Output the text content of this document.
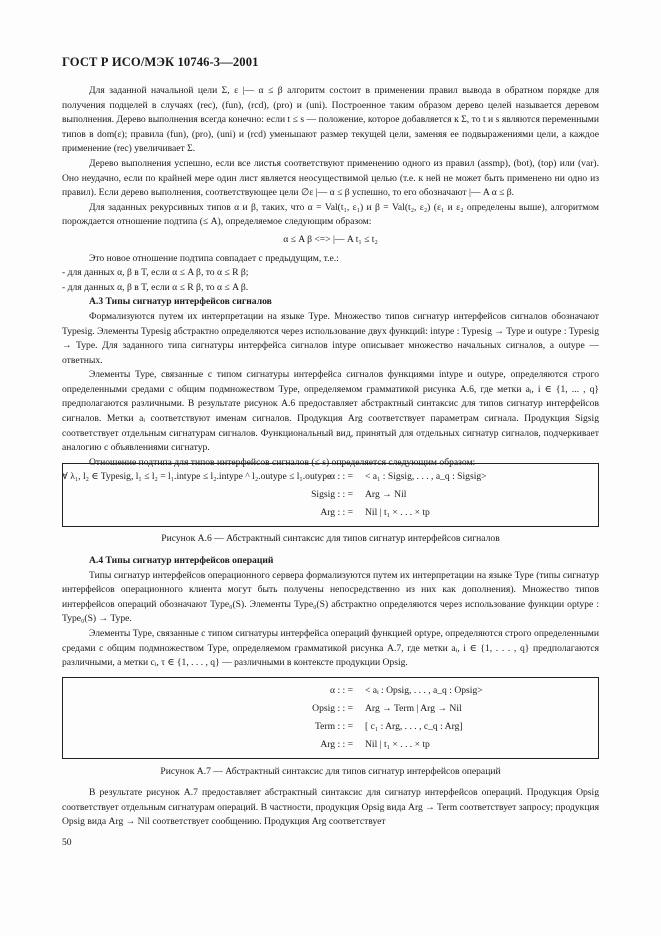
ГОСТ Р ИСО/МЭК 10746-3—2001

Для заданной начальной цели Σ, ε |— α ≤ β алгоритм состоит в применении правил вывода в обратном порядке для получения подцелей в случаях (rec), (fun), (rcd), (pro) и (uni). Построенное таким образом дерево целей называется деревом выполнения. Дерево выполнения всегда конечно: если t ≤ s — положение, которое добавляется к Σ, то t и s являются переменными типов в dom(ε); правила (fun), (pro), (uni) и (rcd) уменьшают размер текущей цели, заменяя ее подвыражениями цели, а каждое применение (rec) увеличивает Σ.

Дерево выполнения успешно, если все листья соответствуют применению одного из правил (assmp), (bot), (top) или (var). Оно неудачно, если по крайней мере один лист является неосуществимой целью (т.е. к ней не может быть применено ни одно из правил). Если дерево выполнения, соответствующее цели ∅ε |— α ≤ β успешно, то его обозначают |— A α ≤ β.

Для заданных рекурсивных типов α и β, таких, что α = Val(t₁, ε₁) и β = Val(t₂, ε₂) (ε₁ и ε₂ определены выше), алгоритмом порождается отношение подтипа (≤ A), определяемое следующим образом:

α ≤ A β <=> |— A t₁ ≤ t₂

Это новое отношение подтипа совпадает с предыдущим, т.е.:

- для данных α, β в T, если α ≤ A β, то α ≤ R β;
- для данных α, β в T, если α ≤ R β, то α ≤ A β.

A.3 Типы сигнатур интерфейсов сигналов

Формализуются путем их интерпретации на языке Type. Множество типов сигнатур интерфейсов сигналов обозначают Typesig. Элементы Typesig абстрактно определяются через использование двух функций: intype : Typesig → Type и outype : Typesig → Type. Для заданного типа сигнатуры интерфейса сигналов intype описывает множество начальных сигналов, а outype — ответных.

Элементы Type, связанные с типом сигнатуры интерфейса сигналов функциями intype и outype, определяются строго определенными средами с общим подмножеством Type, определяемом грамматикой рисунка А.6, где метки aᵢ, i ∈ {1, ... , q} предполагаются различными. В результате рисунок А.6 предоставляет абстрактный синтаксис для типов сигнатур интерфейсов сигналов. Метки aᵢ соответствуют именам сигналов. Продукция Arg соответствует параметрам сигнала. Продукция Sigsig соответствует отдельным сигнатурам сигналов. Функциональный вид, принятый для отдельных сигнатур сигналов, подчеркивает аналогию с объявлениями сигнатур.

Отношение подтипа для типов интерфейсов сигналов (≤ s) определяется следующим образом:

∀ λ₁, l₂ ∈ Typesig, l₁ ≤ l₂ = l₁.intype ≤ l₂.intype ^ l₂.outype ≤ l₁.outype

α : : = < a₁ : Sigsig, . . . , a_q : Sigsig>
Sigsig : : = Arg → Nil
Arg : : = Nil | t₁ × . . . × tp
Рисунок А.6 — Абстрактный синтаксис для типов сигнатур интерфейсов сигналов

А.4 Типы сигнатур интерфейсов операций

Типы сигнатур интерфейсов операционного сервера формализуются путем их интерпретации на языке Type (типы сигнатур интерфейсов операционного клиента могут быть получены непосредственно из них как дополнения). Множество типов интерфейсов операций обозначают Type₀(S). Элементы Type₀(S) абстрактно определяются через использование функции optype : Type₀(S) → Type.

Элементы Type, связанные с типом сигнатуры интерфейса операций функцией optype, определяются строго определенными средами с общим подмножеством Type, определяемом грамматикой рисунка А.7, где метки aᵢ, i ∈ {1, . . . , q} предполагаются различными, а метки cᵢ, τ ∈ {1, . . . , q} — различными в контексте продукции Opsig.

α : : = < aᵢ : Opsig, . . . , a_q : Opsig>
Opsig : : = Arg → Term | Arg → Nil
Term : : = [ c₁ : Arg, . . . , c_q : Arg]
Arg : : = Nil | t₁ × . . . × tp
Рисунок А.7 — Абстрактный синтаксис для типов сигнатур интерфейсов операций

В результате рисунок А.7 предоставляет абстрактный синтаксис для сигнатур интерфейсов операций. Продукция Opsig соответствует отдельным сигнатурам операций. В частности, продукция Opsig вида Arg → Term соответствует запросу; продукция Opsig вида Arg → Nil соответствует сообщению. Продукция Arg соответствует

50
